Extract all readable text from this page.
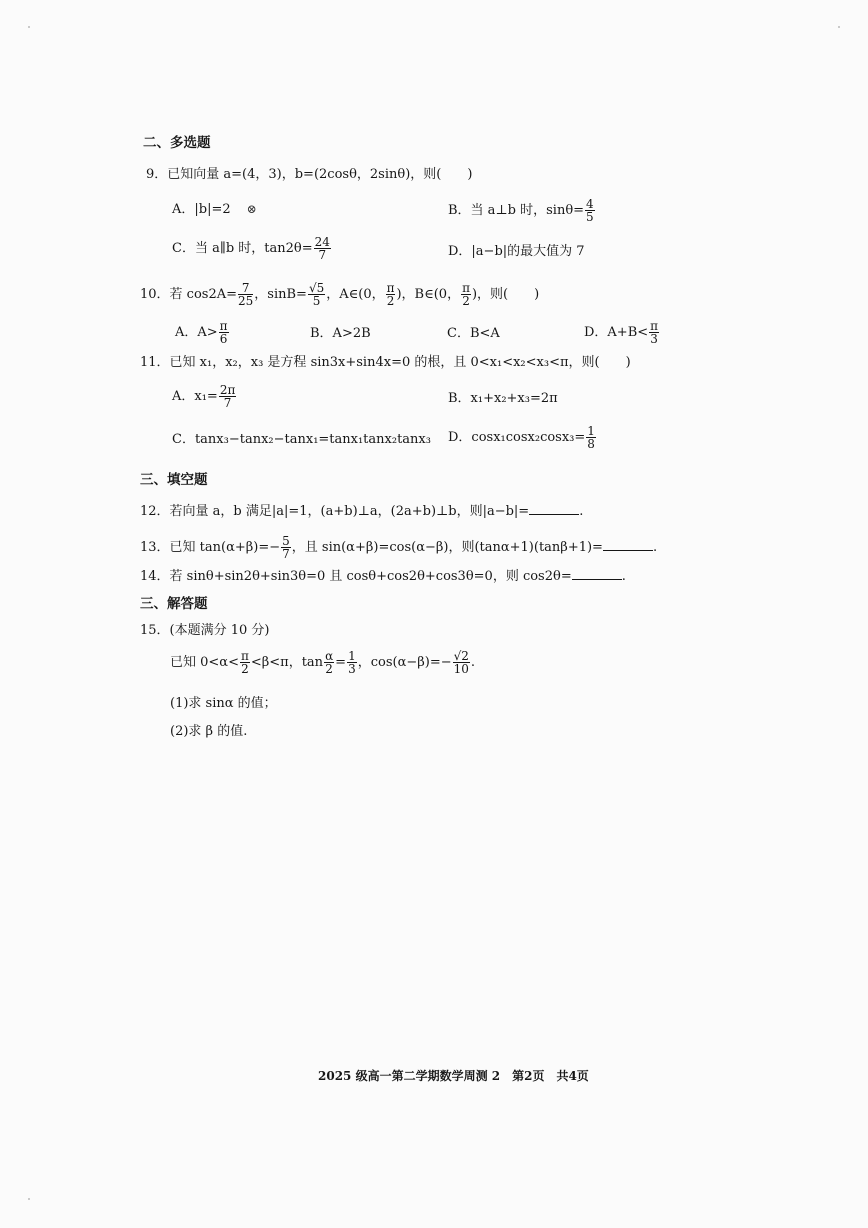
二、多选题
9．已知向量 a=(4，3)，b=(2cosθ，2sinθ)，则(　　)
A．|b|=2 ⊗	B．当 a⊥b 时，$\sin\theta= \frac{4}{5}$
C．当 a∥b 时，$\tan 2\theta= \frac{24}{7}$	D．|a−b|的最大值为 7
10．若 $\cos 2A= \frac{7}{25}$ ，$\sin B= \frac{√5}{5}$ ，A∈(0， $\frac{\pi}{2}$ )，B∈(0， $\frac{\pi}{2}$ )，则(　　)
A．$A> \frac{\pi}{6}$	B．A>2B	C．B<A	D．$A+B< \frac{\pi}{3}$
11．已知 x₁，x₂，x₃ 是方程 sin3x+sin4x=0 的根，且 0<x₁<x₂<x₃<π，则(　　)
A．$x_1= \frac{2\pi}{7}$	B．x₁+x₂+x₃=2π
C．tanx₃−tanx₂−tanx₁=tanx₁tanx₂tanx₃ D．$\cos x_1\cos x_2\cos x_3= \frac{1}{8}$
三、填空题
12．若向量 a，b 满足|a|=1，(a+b)⊥a，(2a+b)⊥b，则|a−b|=	.
13．已知 $\tan(\alpha+\beta)=- \frac{5}{7}$ ，且 sin(α+β)=cos(α−β)，则(tanα+1)(tanβ+1)=	.
14．若 sinθ+sin2θ+sin3θ=0 且 cosθ+cos2θ+cos3θ=0，则 cos2θ=	.
三、解答题
15．(本题满分 10 分)
已知 $0<\alpha< \frac{\pi}{2} <\beta<\pi$，$\tan \frac{\alpha}{2} = \frac{1}{3}$ ，$\cos(\alpha-\beta)=- \frac{√2}{10}$ .
(1)求 sinα 的值；
(2)求 β 的值.
2025 级高一第二学期数学周测 2　第2页　共4页
